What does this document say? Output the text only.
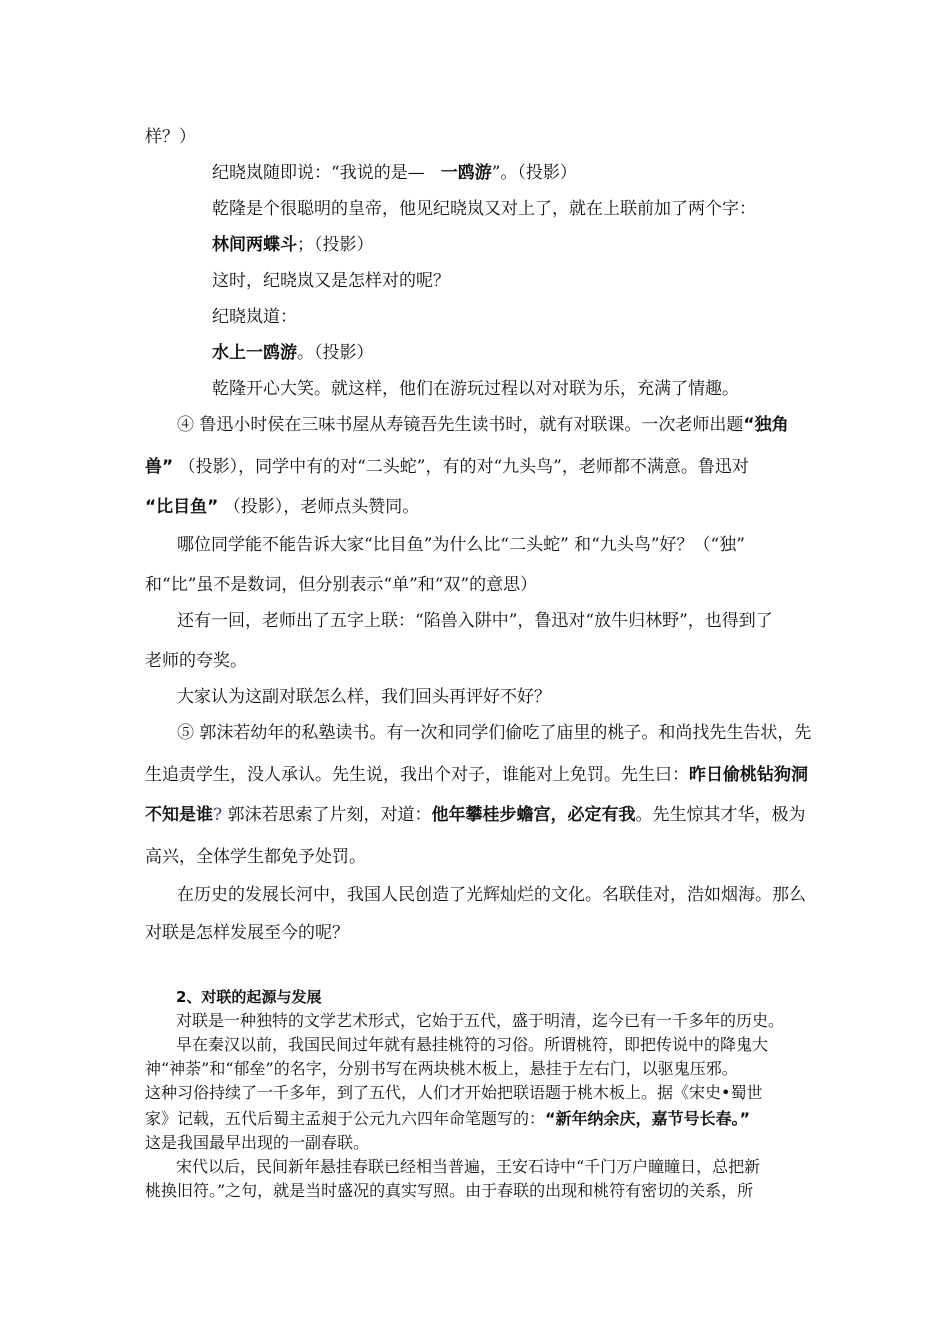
样？）
纪晓岚随即说：“我说的是— 一鸥游”。（投影）
乾隆是个很聪明的皇帝，他见纪晓岚又对上了，就在上联前加了两个字：
林间两蝶斗；（投影）
这时，纪晓岚又是怎样对的呢？
纪晓岚道：
水上一鸥游。（投影）
乾隆开心大笑。就这样，他们在游玩过程以对对联为乐，充满了情趣。
④ 鲁迅小时侯在三味书屋从寿镜吾先生读书时，就有对联课。一次老师出题“独角
兽” （投影），同学中有的对“二头蛇”，有的对“九头鸟”，老师都不满意。鲁迅对
“比目鱼” （投影），老师点头赞同。
哪位同学能不能告诉大家“比目鱼”为什么比“二头蛇” 和“九头鸟”好？（“独”
和“比”虽不是数词，但分别表示“单”和“双”的意思）
还有一回，老师出了五字上联：“陷兽入阱中”，鲁迅对“放牛归林野”，也得到了
老师的夸奖。
大家认为这副对联怎么样，我们回头再评好不好？
⑤ 郭沫若幼年的私塾读书。有一次和同学们偷吃了庙里的桃子。和尚找先生告状，先
生追责学生，没人承认。先生说，我出个对子，谁能对上免罚。先生曰：昨日偷桃钻狗洞
不知是谁? 郭沫若思索了片刻，对道：他年攀桂步蟾宫，必定有我。先生惊其才华，极为
高兴，全体学生都免予处罚。
在历史的发展长河中，我国人民创造了光辉灿烂的文化。名联佳对，浩如烟海。那么
对联是怎样发展至今的呢？
2、对联的起源与发展
对联是一种独特的文学艺术形式，它始于五代，盛于明清，迄今已有一千多年的历史。
早在秦汉以前，我国民间过年就有悬挂桃符的习俗。所谓桃符，即把传说中的降鬼大
神“神荼”和“郁垒”的名字，分别书写在两块桃木板上，悬挂于左右门，以驱鬼压邪。
这种习俗持续了一千多年，到了五代，人们才开始把联语题于桃木板上。据《宋史•蜀世
家》记载，五代后蜀主孟昶于公元九六四年命笔题写的：“新年纳余庆，嘉节号长春。”
这是我国最早出现的一副春联。
宋代以后，民间新年悬挂春联已经相当普遍，王安石诗中“千门万户瞳瞳日，总把新
桃换旧符。”之句，就是当时盛况的真实写照。由于春联的出现和桃符有密切的关系，所
